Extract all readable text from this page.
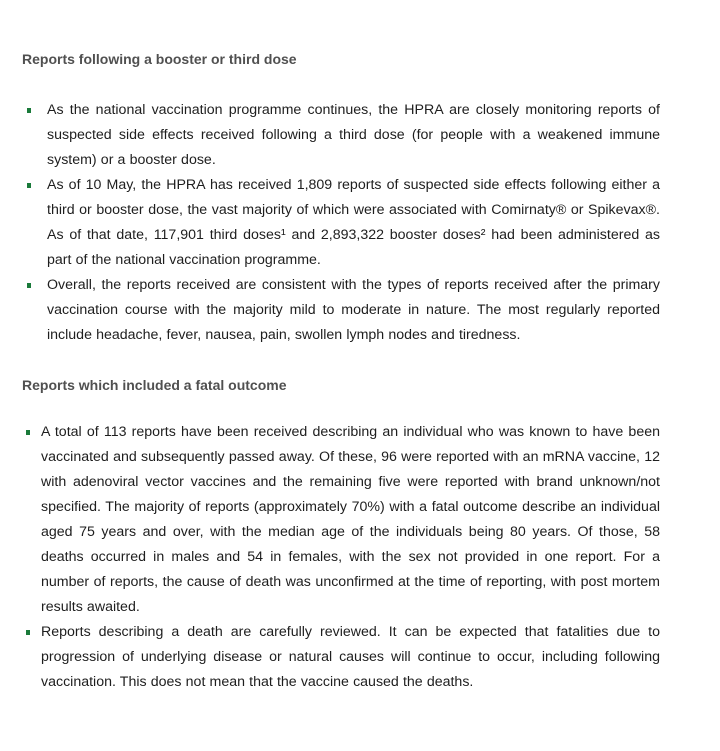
Reports following a booster or third dose
As the national vaccination programme continues, the HPRA are closely monitoring reports of suspected side effects received following a third dose (for people with a weakened immune system) or a booster dose.
As of 10 May, the HPRA has received 1,809 reports of suspected side effects following either a third or booster dose, the vast majority of which were associated with Comirnaty® or Spikevax®. As of that date, 117,901 third doses¹ and 2,893,322 booster doses² had been administered as part of the national vaccination programme.
Overall, the reports received are consistent with the types of reports received after the primary vaccination course with the majority mild to moderate in nature. The most regularly reported include headache, fever, nausea, pain, swollen lymph nodes and tiredness.
Reports which included a fatal outcome
A total of 113 reports have been received describing an individual who was known to have been vaccinated and subsequently passed away. Of these, 96 were reported with an mRNA vaccine, 12 with adenoviral vector vaccines and the remaining five were reported with brand unknown/not specified. The majority of reports (approximately 70%) with a fatal outcome describe an individual aged 75 years and over, with the median age of the individuals being 80 years. Of those, 58 deaths occurred in males and 54 in females, with the sex not provided in one report. For a number of reports, the cause of death was unconfirmed at the time of reporting, with post mortem results awaited.
Reports describing a death are carefully reviewed. It can be expected that fatalities due to progression of underlying disease or natural causes will continue to occur, including following vaccination. This does not mean that the vaccine caused the deaths.
